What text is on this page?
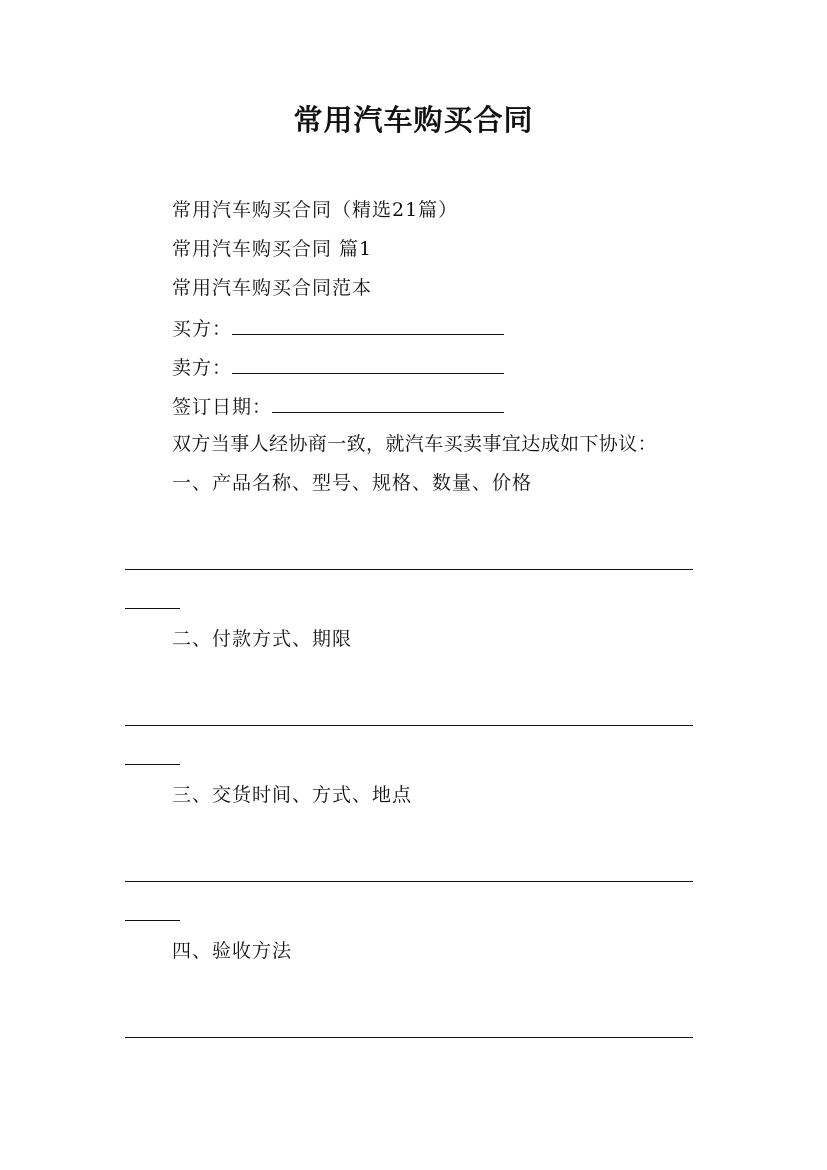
常用汽车购买合同
常用汽车购买合同（精选21篇）
常用汽车购买合同 篇1
常用汽车购买合同范本
买方：
卖方：
签订日期：
双方当事人经协商一致，就汽车买卖事宜达成如下协议：
一、产品名称、型号、规格、数量、价格
二、付款方式、期限
三、交货时间、方式、地点
四、验收方法
